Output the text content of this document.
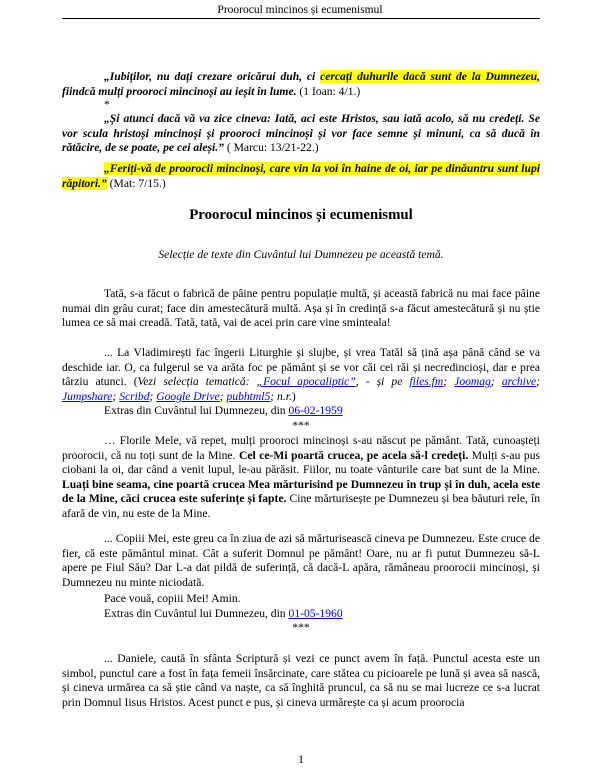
Proorocul mincinos și ecumenismul
„Iubiților, nu dați crezare oricărui duh, ci cercați duhurile dacă sunt de la Dumnezeu, fiindcă mulți prooroci mincinoși au ieșit în lume. (1 Ioan: 4/1.)
*
„Și atunci dacă vă va zice cineva: Iată, aci este Hristos, sau iată acolo, să nu credeți. Se vor scula hristoși mincinoși și prooroci mincinoși și vor face semne și minuni, ca să ducă în rătăcire, de se poate, pe cei aleși.” ( Marcu: 13/21-22.)
„Feriți-vă de proorocii mincinoși, care vin la voi în haine de oi, iar pe dinăuntru sunt lupi răpitori.” (Mat: 7/15.)
Proorocul mincinos și ecumenismul
Selecție de texte din Cuvântul lui Dumnezeu pe această temă.
Tată, s-a făcut o fabrică de pâine pentru populație multă, și această fabrică nu mai face pâine numai din grâu curat; face din amestecătură multă. Așa și în credință s-a făcut amestecătură și nu știe lumea ce să mai creadă. Tată, tată, vai de acei prin care vine sminteala!
... La Vladimirești fac îngerii Liturghie și slujbe, și vrea Tatăl să țină așa până când se va deschide iar. O, ca fulgerul se va arăta foc pe pământ și se vor căi cei răi și necredincioși, dar e prea târziu atunci. (Vezi selecția tematică: „Focul apocaliptic”, - și pe files.fm; Joomag; archive; Jumpshare; Scribd; Google Drive; pubhtml5; n.r.)
Extras din Cuvântul lui Dumnezeu, din 06-02-1959
***
… Florile Mele, vă repet, mulți prooroci mincinoși s-au născut pe pământ. Tată, cunoașteți proorocii, că nu toți sunt de la Mine. Cel ce-Mi poartă crucea, pe acela să-l credeți. Mulți s-au pus ciobani la oi, dar când a venit lupul, le-au părăsit. Fiilor, nu toate vânturile care bat sunt de la Mine. Luați bine seama, cine poartă crucea Mea mărturisind pe Dumnezeu în trup și în duh, acela este de la Mine, căci crucea este suferințe și fapte. Cine mărturisește pe Dumnezeu și bea băuturi rele, în afară de vin, nu este de la Mine.
... Copiii Mei, este greu ca în ziua de azi să mărturisească cineva pe Dumnezeu. Este cruce de fier, că este pământul minat. Cât a suferit Domnul pe pământ! Oare, nu ar fi putut Dumnezeu să-L apere pe Fiul Său? Dar L-a dat pildă de suferință, că dacă-L apăra, rămâneau proorocii mincinoși, și Dumnezeu nu minte niciodată.
Pace vouă, copiii Mei! Amin.
Extras din Cuvântul lui Dumnezeu, din 01-05-1960
***
... Daniele, caută în sfânta Scriptură și vezi ce punct avem în față. Punctul acesta este un simbol, punctul care a fost în fața femeii însărcinate, care stătea cu picioarele pe lună și avea să nască, și cineva urmărea ca să știe când va naște, ca să înghită pruncul, ca să nu se mai lucreze ce s-a lucrat prin Domnul Iisus Hristos. Acest punct e pus, și cineva urmărește ca și acum proorocia
1
